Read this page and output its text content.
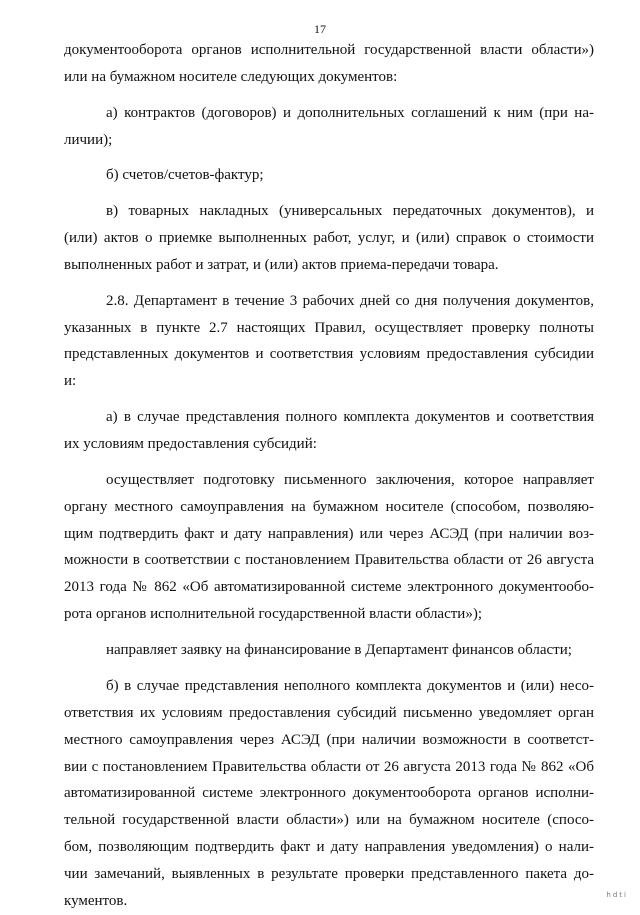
17
документооборота органов исполнительной государственной власти области»)
или на бумажном носителе следующих документов:
а) контрактов (договоров) и дополнительных соглашений к ним (при на-
личии);
б) счетов/счетов-фактур;
в) товарных накладных (универсальных передаточных документов), и
(или) актов о приемке выполненных работ, услуг, и (или) справок о стоимости
выполненных работ и затрат, и (или) актов приема-передачи товара.
2.8. Департамент в течение 3 рабочих дней со дня получения документов,
указанных в пункте 2.7 настоящих Правил, осуществляет проверку полноты
представленных документов и соответствия условиям предоставления субсидии
и:
а) в случае представления полного комплекта документов и соответствия
их условиям предоставления субсидий:
осуществляет подготовку письменного заключения, которое направляет
органу местного самоуправления на бумажном носителе (способом, позволяю-
щим подтвердить факт и дату направления) или через АСЭД (при наличии воз-
можности в соответствии с постановлением Правительства области от 26 августа
2013 года № 862 «Об автоматизированной системе электронного документообо-
рота органов исполнительной государственной власти области»);
направляет заявку на финансирование в Департамент финансов области;
б) в случае представления неполного комплекта документов и (или) несо-
ответствия их условиям предоставления субсидий письменно уведомляет орган
местного самоуправления через АСЭД (при наличии возможности в соответст-
вии с постановлением Правительства области от 26 августа 2013 года № 862 «Об
автоматизированной системе электронного документооборота органов исполни-
тельной государственной власти области») или на бумажном носителе (спосо-
бом, позволяющим подтвердить факт и дату направления уведомления) о нали-
чии замечаний, выявленных в результате проверки представленного пакета до-
кументов.	hdti
